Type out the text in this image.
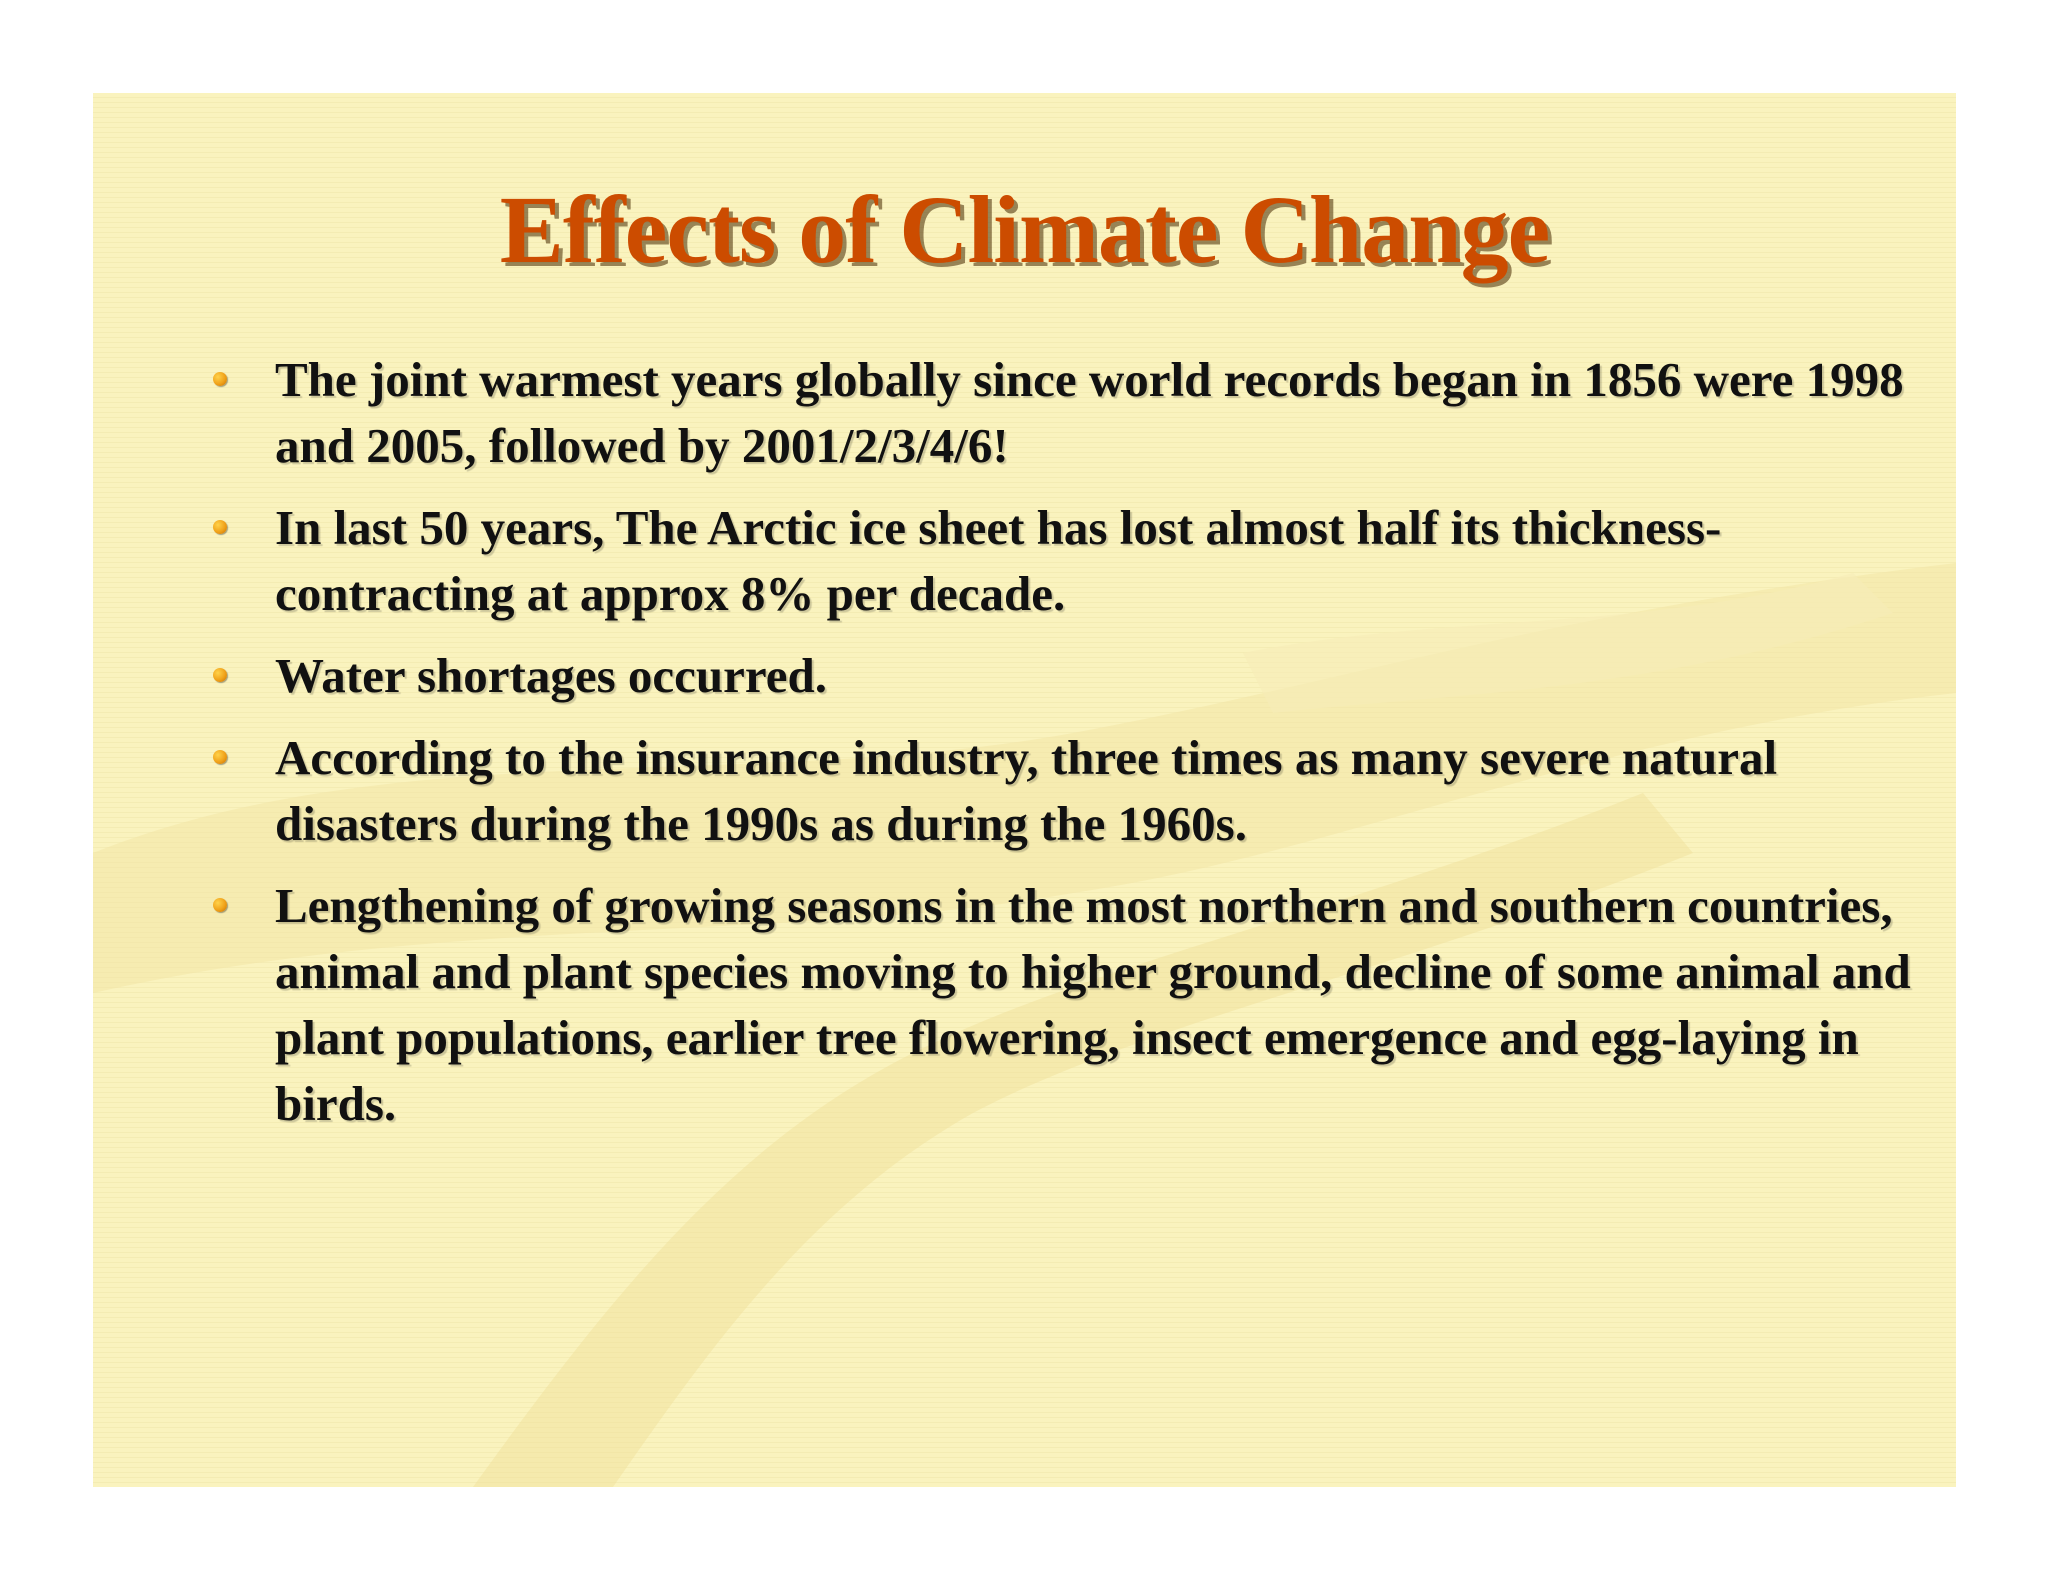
Effects of Climate Change
The joint warmest years globally since world records began in 1856 were 1998 and 2005, followed by 2001/2/3/4/6!
In last 50 years, The Arctic ice sheet has lost almost half its thickness-contracting at approx 8% per decade.
Water shortages occurred.
According to the insurance industry, three times as many severe natural disasters during the 1990s as during the 1960s.
Lengthening of growing seasons in the most northern and southern countries, animal and plant species moving to higher ground, decline of some animal and plant populations, earlier tree flowering, insect emergence and egg-laying in birds.
